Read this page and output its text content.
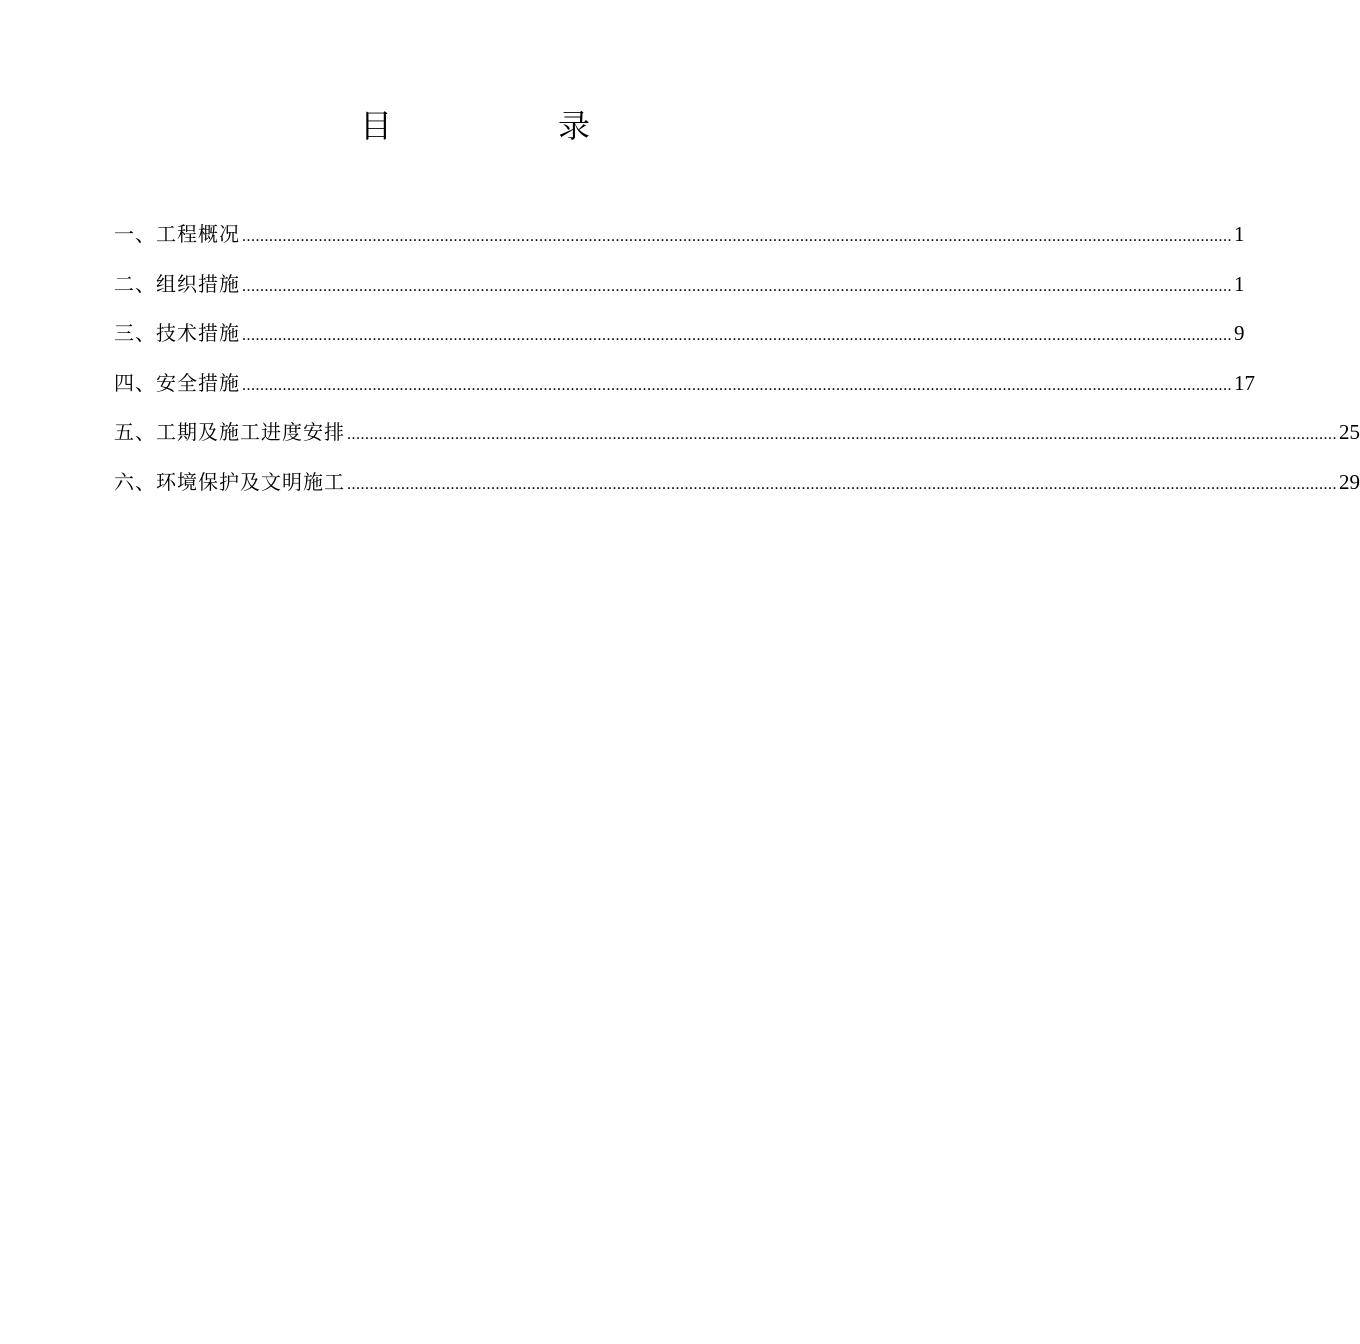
目　　录
一、工程概况 ............................................................................................................................................................................................................................ 1
二、组织措施 ............................................................................................................................................................................................................................ 1
三、技术措施 ............................................................................................................................................................................................................................ 9
四、安全措施 ............................................................................................................................................................................................................................ 17
五、工期及施工进度安排 ............................................................................................................................................................................................................................ 25
六、环境保护及文明施工 ............................................................................................................................................................................................................................ 29
